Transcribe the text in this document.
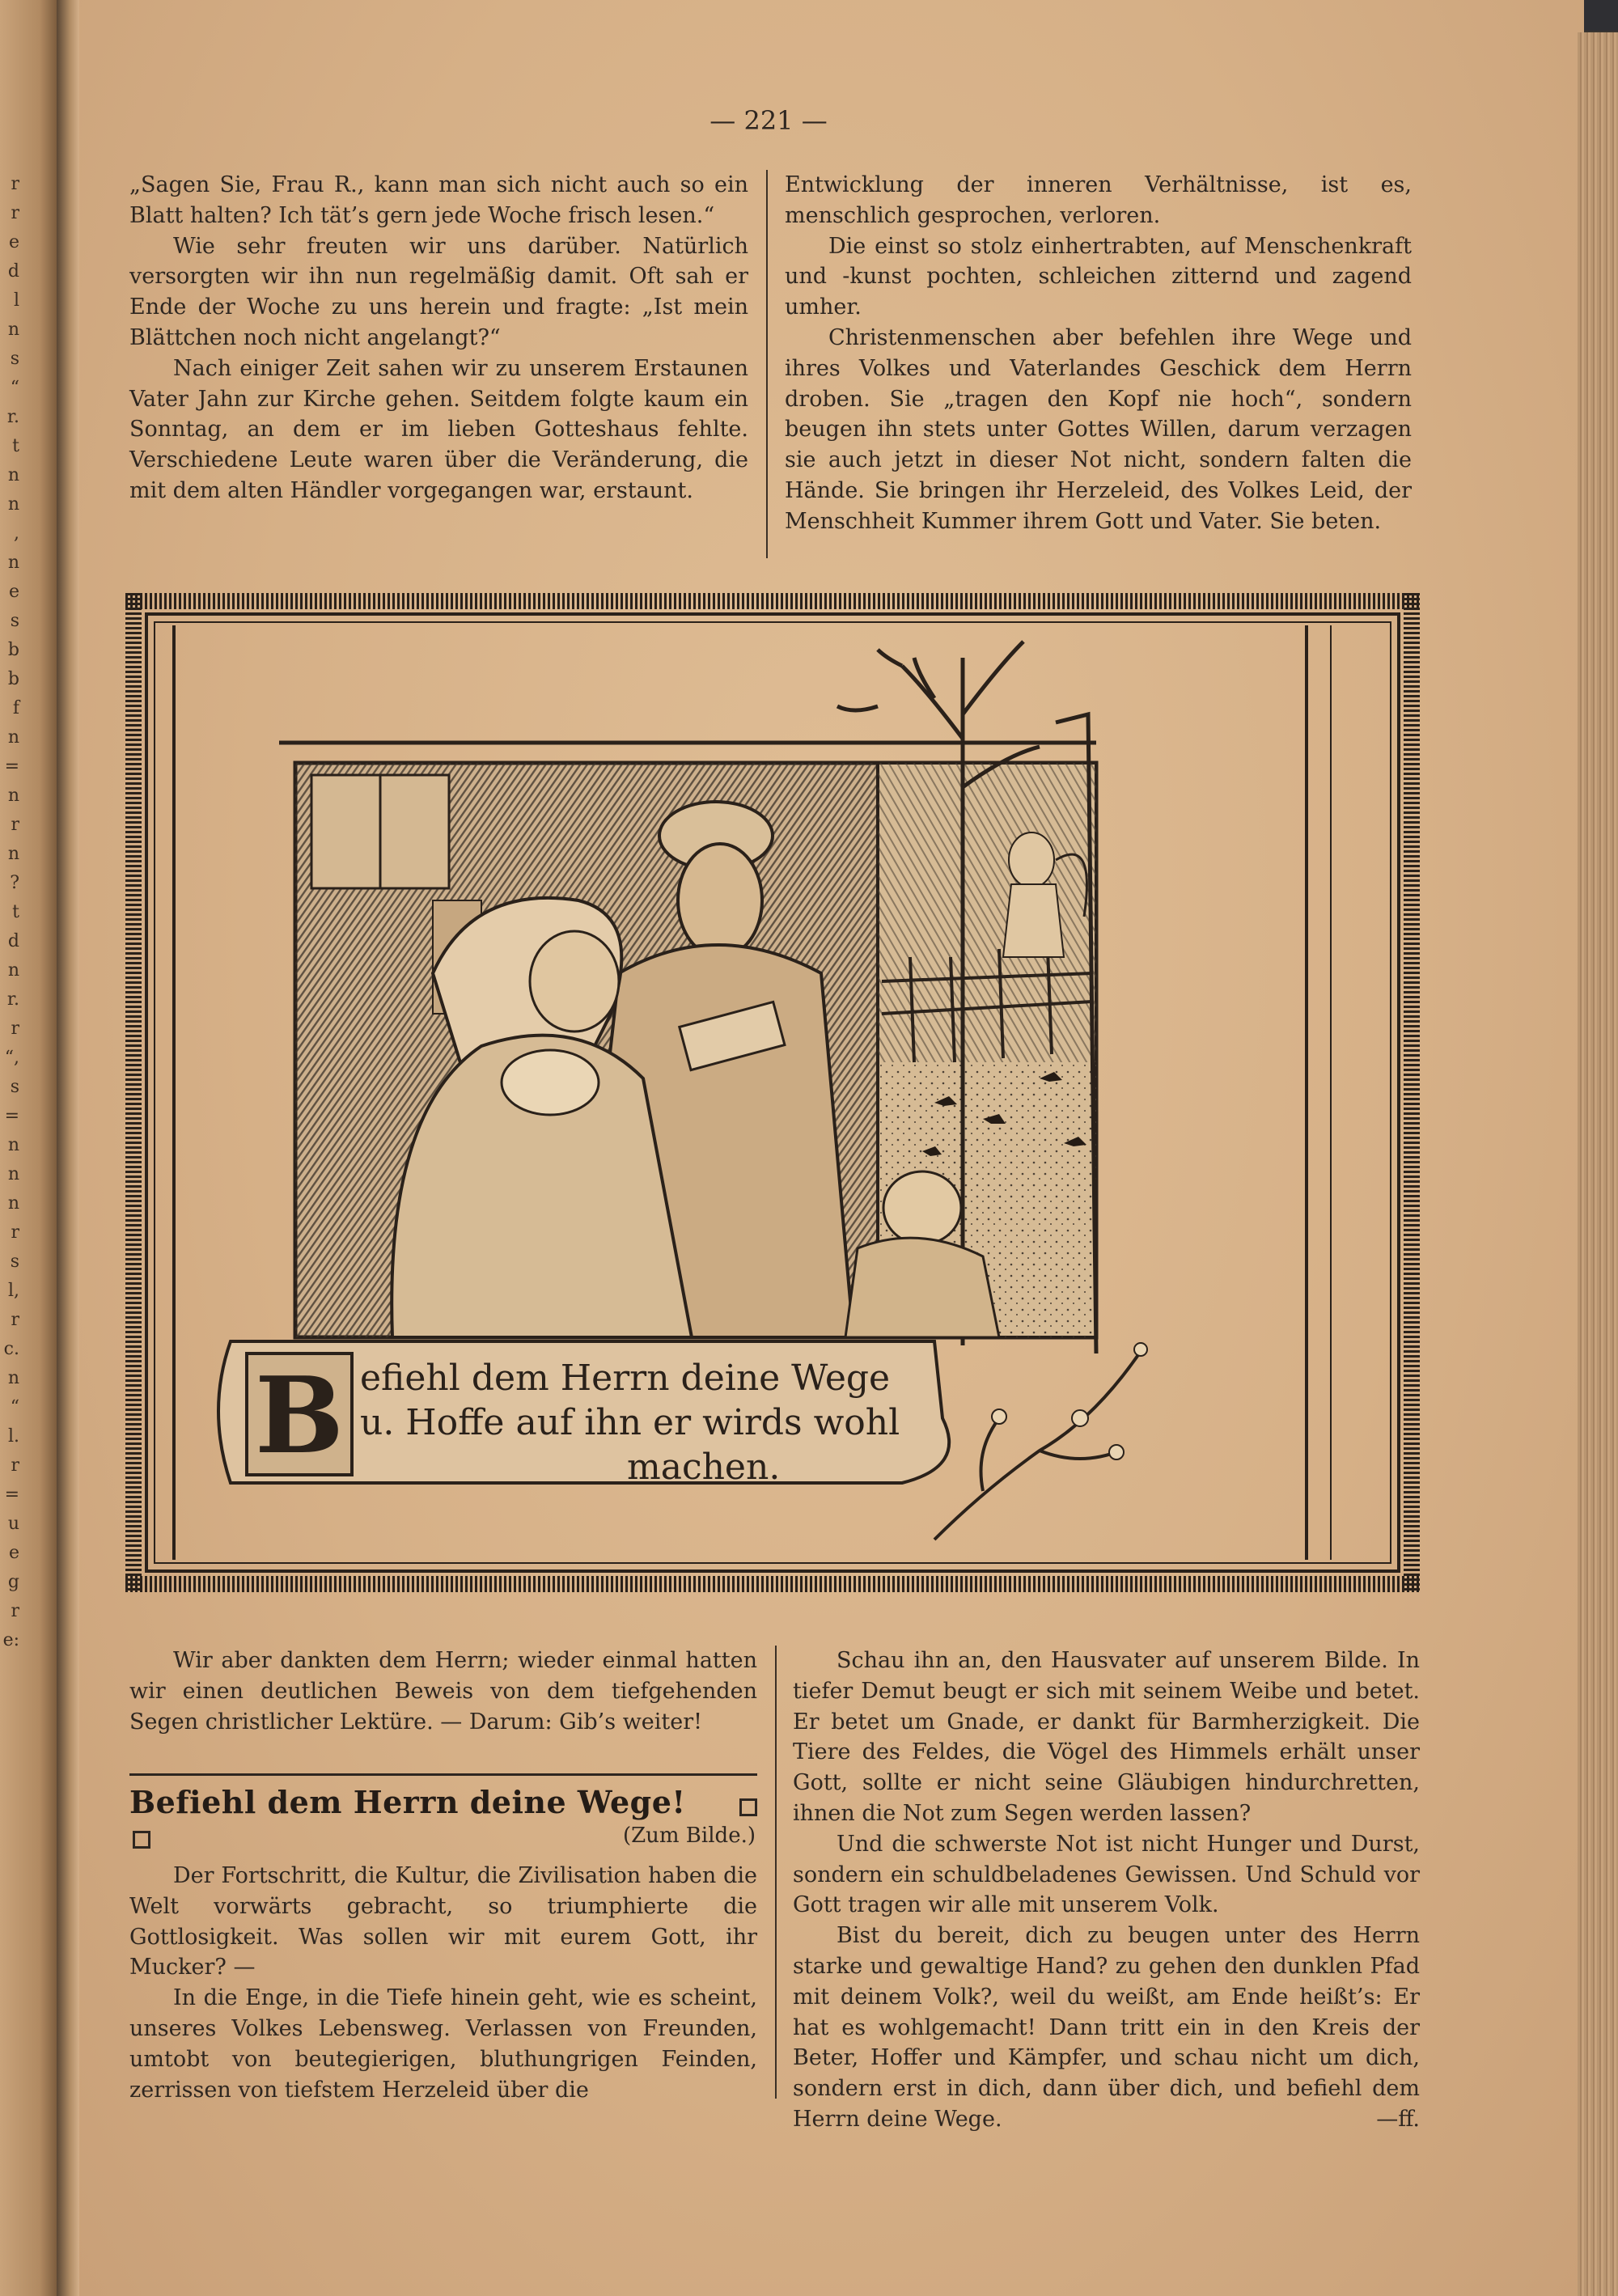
r
r
e
d
l
n
s
“
r.
t
n
n
,
n
e
s
b
b
f
n
=
n
r
n
?
t
d
n
r.
r
“,
s
=
n
n
n
r
s
l,
r
c.
n
“
l.
r
=
u
e
g
r
e:
— 221 —

„Sagen Sie, Frau R., kann man sich nicht auch so ein Blatt halten? Ich tät’s gern jede Woche frisch lesen.“

Wie sehr freuten wir uns darüber. Natürlich versorgten wir ihn nun regelmäßig damit. Oft sah er Ende der Woche zu uns herein und fragte: „Ist mein Blättchen noch nicht angelangt?“

Nach einiger Zeit sahen wir zu unserem Erstaunen Vater Jahn zur Kirche gehen. Seitdem folgte kaum ein Sonntag, an dem er im lieben Gotteshaus fehlte. Verschiedene Leute waren über die Veränderung, die mit dem alten Händler vorgegangen war, erstaunt.

Entwicklung der inneren Verhältnisse, ist es, menschlich gesprochen, verloren.

Die einst so stolz einhertrabten, auf Menschenkraft und -kunst pochten, schleichen zitternd und zagend umher.

Christenmenschen aber befehlen ihre Wege und ihres Volkes und Vaterlandes Geschick dem Herrn droben. Sie „tragen den Kopf nie hoch“, sondern beugen ihn stets unter Gottes Willen, darum verzagen sie auch jetzt in dieser Not nicht, sondern falten die Hände. Sie bringen ihr Herzeleid, des Volkes Leid, der Menschheit Kummer ihrem Gott und Vater. Sie beten.

B efiehl dem Herrn deine Wege
u. Hoffe auf ihn er wirds wohl
machen.

Wir aber dankten dem Herrn; wieder einmal hatten wir einen deutlichen Beweis von dem tiefgehenden Segen christlicher Lektüre. — Darum: Gib’s weiter!

Befiehl dem Herrn deine Wege!
(Zum Bilde.)

Der Fortschritt, die Kultur, die Zivilisation haben die Welt vorwärts gebracht, so triumphierte die Gottlosigkeit. Was sollen wir mit eurem Gott, ihr Mucker? —

In die Enge, in die Tiefe hinein geht, wie es scheint, unseres Volkes Lebensweg. Verlassen von Freunden, umtobt von beutegierigen, bluthungrigen Feinden, zerrissen von tiefstem Herzeleid über die

Schau ihn an, den Hausvater auf unserem Bilde. In tiefer Demut beugt er sich mit seinem Weibe und betet. Er betet um Gnade, er dankt für Barmherzigkeit. Die Tiere des Feldes, die Vögel des Himmels erhält unser Gott, sollte er nicht seine Gläubigen hindurchretten, ihnen die Not zum Segen werden lassen?

Und die schwerste Not ist nicht Hunger und Durst, sondern ein schuldbeladenes Gewissen. Und Schuld vor Gott tragen wir alle mit unserem Volk.

Bist du bereit, dich zu beugen unter des Herrn starke und gewaltige Hand? zu gehen den dunklen Pfad mit deinem Volk?, weil du weißt, am Ende heißt’s: Er hat es wohlgemacht! Dann tritt ein in den Kreis der Beter, Hoffer und Kämpfer, und schau nicht um dich, sondern erst in dich, dann über dich, und befiehl dem Herrn deine Wege.	—ff.
